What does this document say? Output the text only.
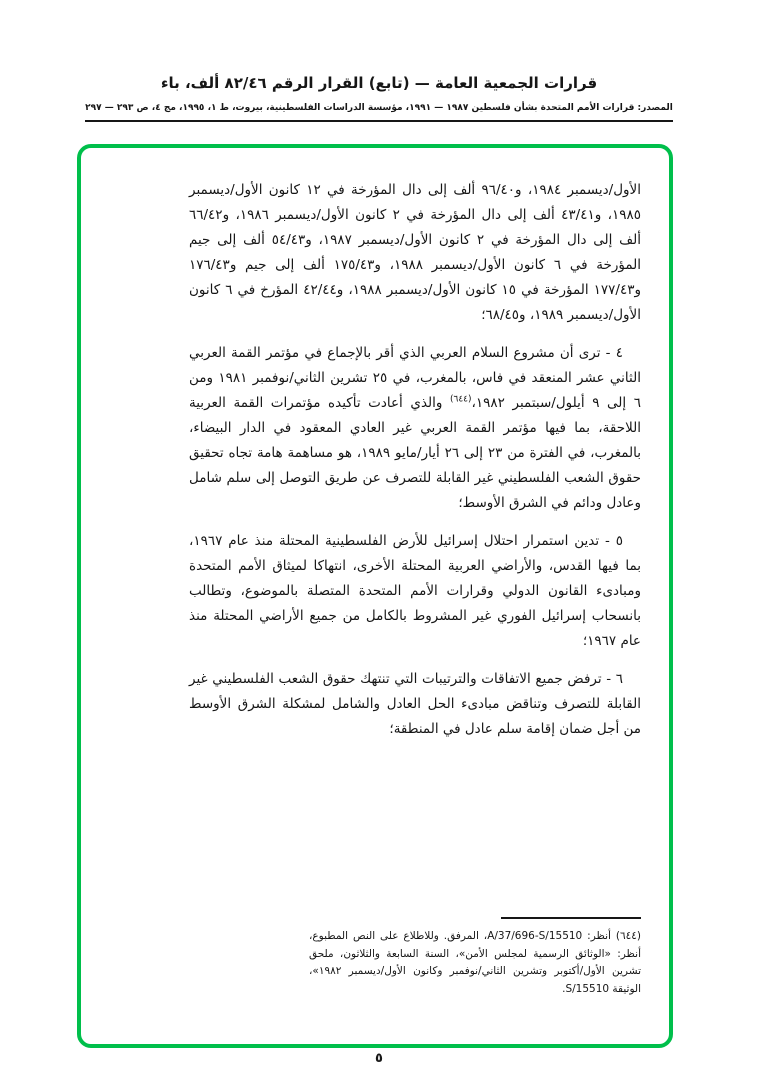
قرارات الجمعية العامة — (تابع) القرار الرقم ٨٢/٤٦ ألف، باء
المصدر: قرارات الأمم المتحدة بشأن فلسطين ١٩٨٧ — ١٩٩١، مؤسسة الدراسات الفلسطينية، بيروت، ط ١، ١٩٩٥، مج ٤، ص ٢٩٣ — ٢٩٧

الأول/ديسمبر ١٩٨٤، و٩٦/٤٠ ألف إلى دال المؤرخة في ١٢ كانون الأول/ديسمبر ١٩٨٥، و٤٣/٤١ ألف إلى دال المؤرخة في ٢ كانون الأول/ديسمبر ١٩٨٦، و٦٦/٤٢ ألف إلى دال المؤرخة في ٢ كانون الأول/ديسمبر ١٩٨٧، و٥٤/٤٣ ألف إلى جيم المؤرخة في ٦ كانون الأول/ديسمبر ١٩٨٨، و١٧٥/٤٣ ألف إلى جيم و١٧٦/٤٣ و١٧٧/٤٣ المؤرخة في ١٥ كانون الأول/ديسمبر ١٩٨٨، و٤٢/٤٤ المؤرخ في ٦ كانون الأول/ديسمبر ١٩٨٩، و٦٨/٤٥؛

٤ - ترى أن مشروع السلام العربي الذي أقر بالإجماع في مؤتمر القمة العربي الثاني عشر المنعقد في فاس، بالمغرب، في ٢٥ تشرين الثاني/نوفمبر ١٩٨١ ومن ٦ إلى ٩ أيلول/سبتمبر ١٩٨٢،$^{(٦٤٤)}$ والذي أعادت تأكيده مؤتمرات القمة العربية اللاحقة، بما فيها مؤتمر القمة العربي غير العادي المعقود في الدار البيضاء، بالمغرب، في الفترة من ٢٣ إلى ٢٦ أيار/مايو ١٩٨٩، هو مساهمة هامة تجاه تحقيق حقوق الشعب الفلسطيني غير القابلة للتصرف عن طريق التوصل إلى سلم شامل وعادل ودائم في الشرق الأوسط؛

٥ - تدين استمرار احتلال إسرائيل للأرض الفلسطينية المحتلة منذ عام ١٩٦٧، بما فيها القدس، والأراضي العربية المحتلة الأخرى، انتهاكا لميثاق الأمم المتحدة ومبادىء القانون الدولي وقرارات الأمم المتحدة المتصلة بالموضوع، وتطالب بانسحاب إسرائيل الفوري غير المشروط بالكامل من جميع الأراضي المحتلة منذ عام ١٩٦٧؛

٦ - ترفض جميع الاتفاقات والترتيبات التي تنتهك حقوق الشعب الفلسطيني غير القابلة للتصرف وتناقض مبادىء الحل العادل والشامل لمشكلة الشرق الأوسط من أجل ضمان إقامة سلم عادل في المنطقة؛

(٦٤٤) أنظر: A/37/696-S/15510، المرفق. وللاطلاع على النص المطبوع، أنظر: «الوثائق الرسمية لمجلس الأمن»، السنة السابعة والثلاثون، ملحق تشرين الأول/أكتوبر وتشرين الثاني/نوفمبر وكانون الأول/ديسمبر ١٩٨٢»، الوثيقة S/15510.

٥
